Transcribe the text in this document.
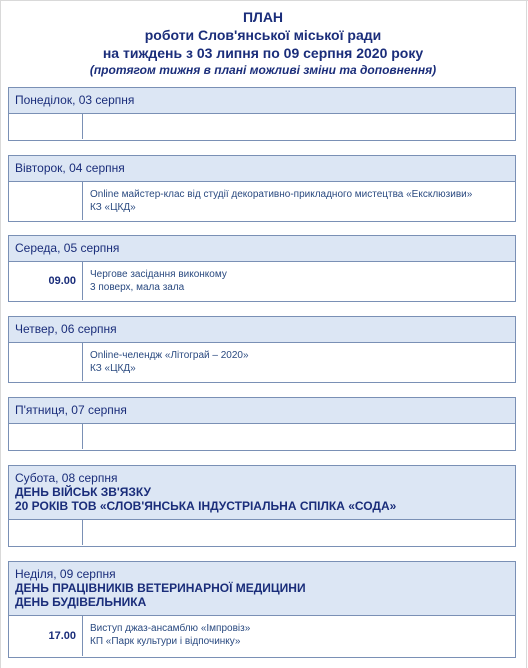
ПЛАН
роботи Слов'янської міської ради
на тиждень з 03 липня по 09 серпня 2020 року
(протягом тижня в плані можливі зміни та доповнення)
Понеділок, 03 серпня
Вівторок, 04 серпня
Online майстер-клас від студії декоративно-прикладного мистецтва «Ексклюзиви»
КЗ «ЦКД»
Середа, 05 серпня
09.00
Чергове засідання виконкому
3 поверх, мала зала
Четвер, 06 серпня
Online-челендж «Літограй – 2020»
КЗ «ЦКД»
П'ятниця, 07 серпня
Субота, 08 серпня
ДЕНЬ ВІЙСЬК ЗВ'ЯЗКУ
20 РОКІВ ТОВ «СЛОВ'ЯНСЬКА ІНДУСТРІАЛЬНА СПІЛКА «СОДА»
Неділя, 09 серпня
ДЕНЬ ПРАЦІВНИКІВ ВЕТЕРИНАРНОЇ МЕДИЦИНИ
ДЕНЬ БУДІВЕЛЬНИКА
17.00
Виступ джаз-ансамблю «Імпровіз»
КП «Парк культури і відпочинку»
